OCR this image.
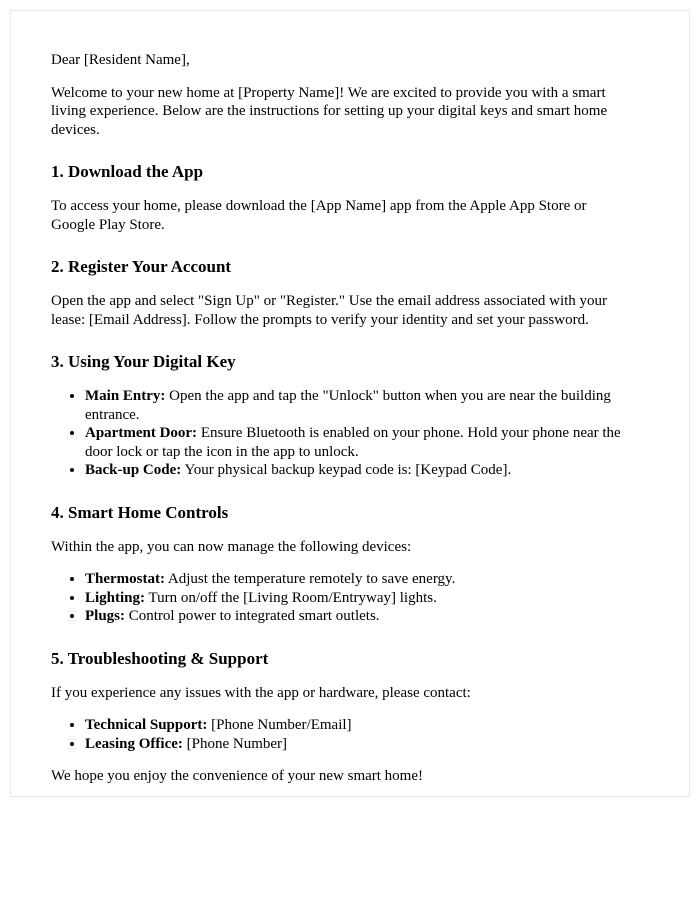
Dear [Resident Name],

Welcome to your new home at [Property Name]! We are excited to provide you with a smart living experience. Below are the instructions for setting up your digital keys and smart home devices.

1. Download the App

To access your home, please download the [App Name] app from the Apple App Store or Google Play Store.

2. Register Your Account

Open the app and select "Sign Up" or "Register." Use the email address associated with your lease: [Email Address]. Follow the prompts to verify your identity and set your password.

3. Using Your Digital Key
• Main Entry: Open the app and tap the "Unlock" button when you are near the building entrance.
• Apartment Door: Ensure Bluetooth is enabled on your phone. Hold your phone near the door lock or tap the icon in the app to unlock.
• Back-up Code: Your physical backup keypad code is: [Keypad Code].
4. Smart Home Controls

Within the app, you can now manage the following devices:

• Thermostat: Adjust the temperature remotely to save energy.
• Lighting: Turn on/off the [Living Room/Entryway] lights.
• Plugs: Control power to integrated smart outlets.
5. Troubleshooting & Support

If you experience any issues with the app or hardware, please contact:

• Technical Support: [Phone Number/Email]
• Leasing Office: [Phone Number]

We hope you enjoy the convenience of your new smart home!
